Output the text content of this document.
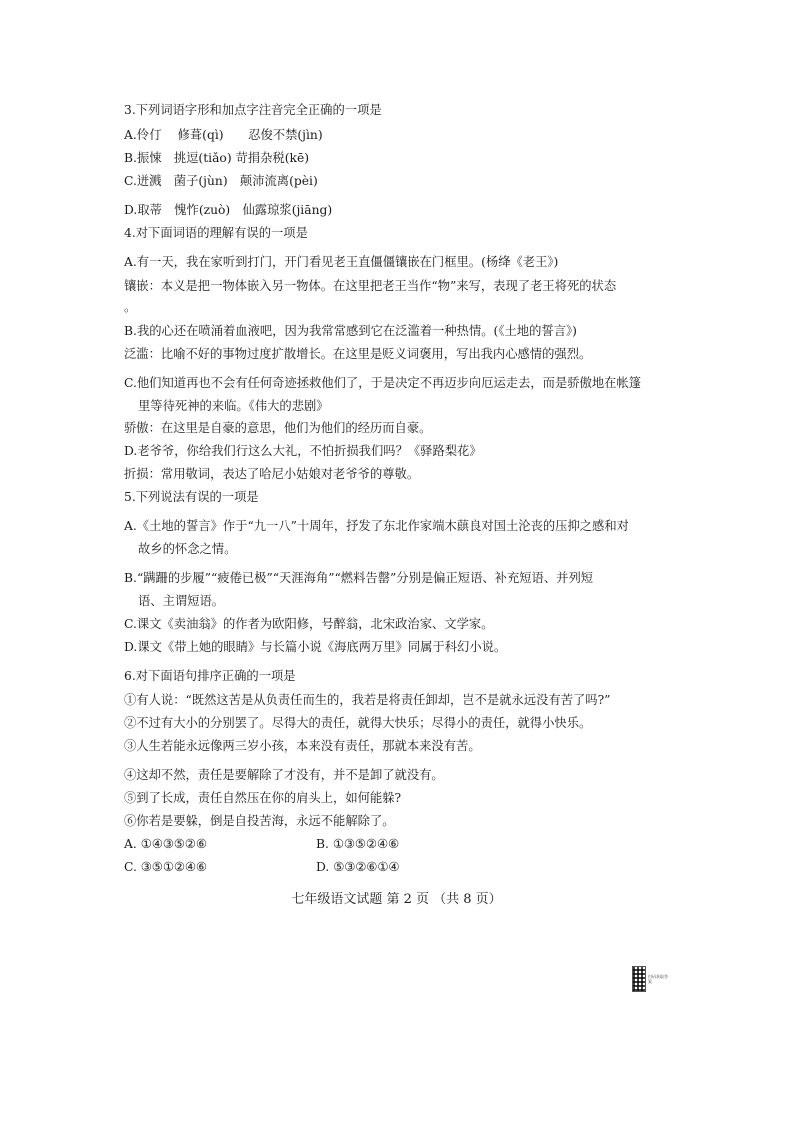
3.下列词语字形和加点字注音完全正确的一项是
A.伶仃　 修葺(qì)　　忍俊不禁(jìn)
B.振悚　挑逗(tiǎo) 苛捐杂税(kē)
C.迸溅　菌子(jùn)　颠沛流离(pèi)
D.取蒂　愧怍(zuò)　仙露琼浆(jiāng)
4.对下面词语的理解有误的一项是
A.有一天，我在家听到打门，开门看见老王直僵僵镶嵌在门框里。(杨绛《老王》)
镶嵌：本义是把一物体嵌入另一物体。在这里把老王当作“物”来写，表现了老王将死的状态
。
B.我的心还在喷涌着血液吧，因为我常常感到它在泛滥着一种热情。(《土地的誓言》)
泛滥：比喻不好的事物过度扩散增长。在这里是贬义词褒用，写出我内心感情的强烈。
C.他们知道再也不会有任何奇迹拯救他们了，于是决定不再迈步向厄运走去，而是骄傲地在帐篷
里等待死神的来临。《伟大的悲剧》
骄傲：在这里是自豪的意思，他们为他们的经历而自豪。
D.老爷爷，你给我们行这么大礼，不怕折损我们吗？《驿路梨花》
折损：常用敬词，表达了哈尼小姑娘对老爷爷的尊敬。
5.下列说法有误的一项是
A.《土地的誓言》作于“九一八”十周年，抒发了东北作家端木蕻良对国土沦丧的压抑之感和对
故乡的怀念之情。
B.“蹒跚的步履”“疲倦已极”“天涯海角”“燃料告罄”分别是偏正短语、补充短语、并列短
语、主谓短语。
C.课文《卖油翁》的作者为欧阳修，号醉翁，北宋政治家、文学家。
D.课文《带上她的眼睛》与长篇小说《海底两万里》同属于科幻小说。
6.对下面语句排序正确的一项是
①有人说：“既然这苦是从负责任而生的，我若是将责任卸却，岂不是就永远没有苦了吗?”
②不过有大小的分别罢了。尽得大的责任，就得大快乐；尽得小的责任，就得小快乐。
③人生若能永远像两三岁小孩，本来没有责任，那就本来没有苦。
④这却不然，责任是要解除了才没有，并不是卸了就没有。
⑤到了长成，责任自然压在你的肩头上，如何能躲?
⑥你若是要躲，倒是自投苦海，永远不能解除了。
A. ①④③⑤②⑥	B. ①③⑤②④⑥
C. ③⑤①②④⑥	D. ⑤③②⑥①④
七年级语文试题 第 2 页 （共 8 页）
扫码获取答案
